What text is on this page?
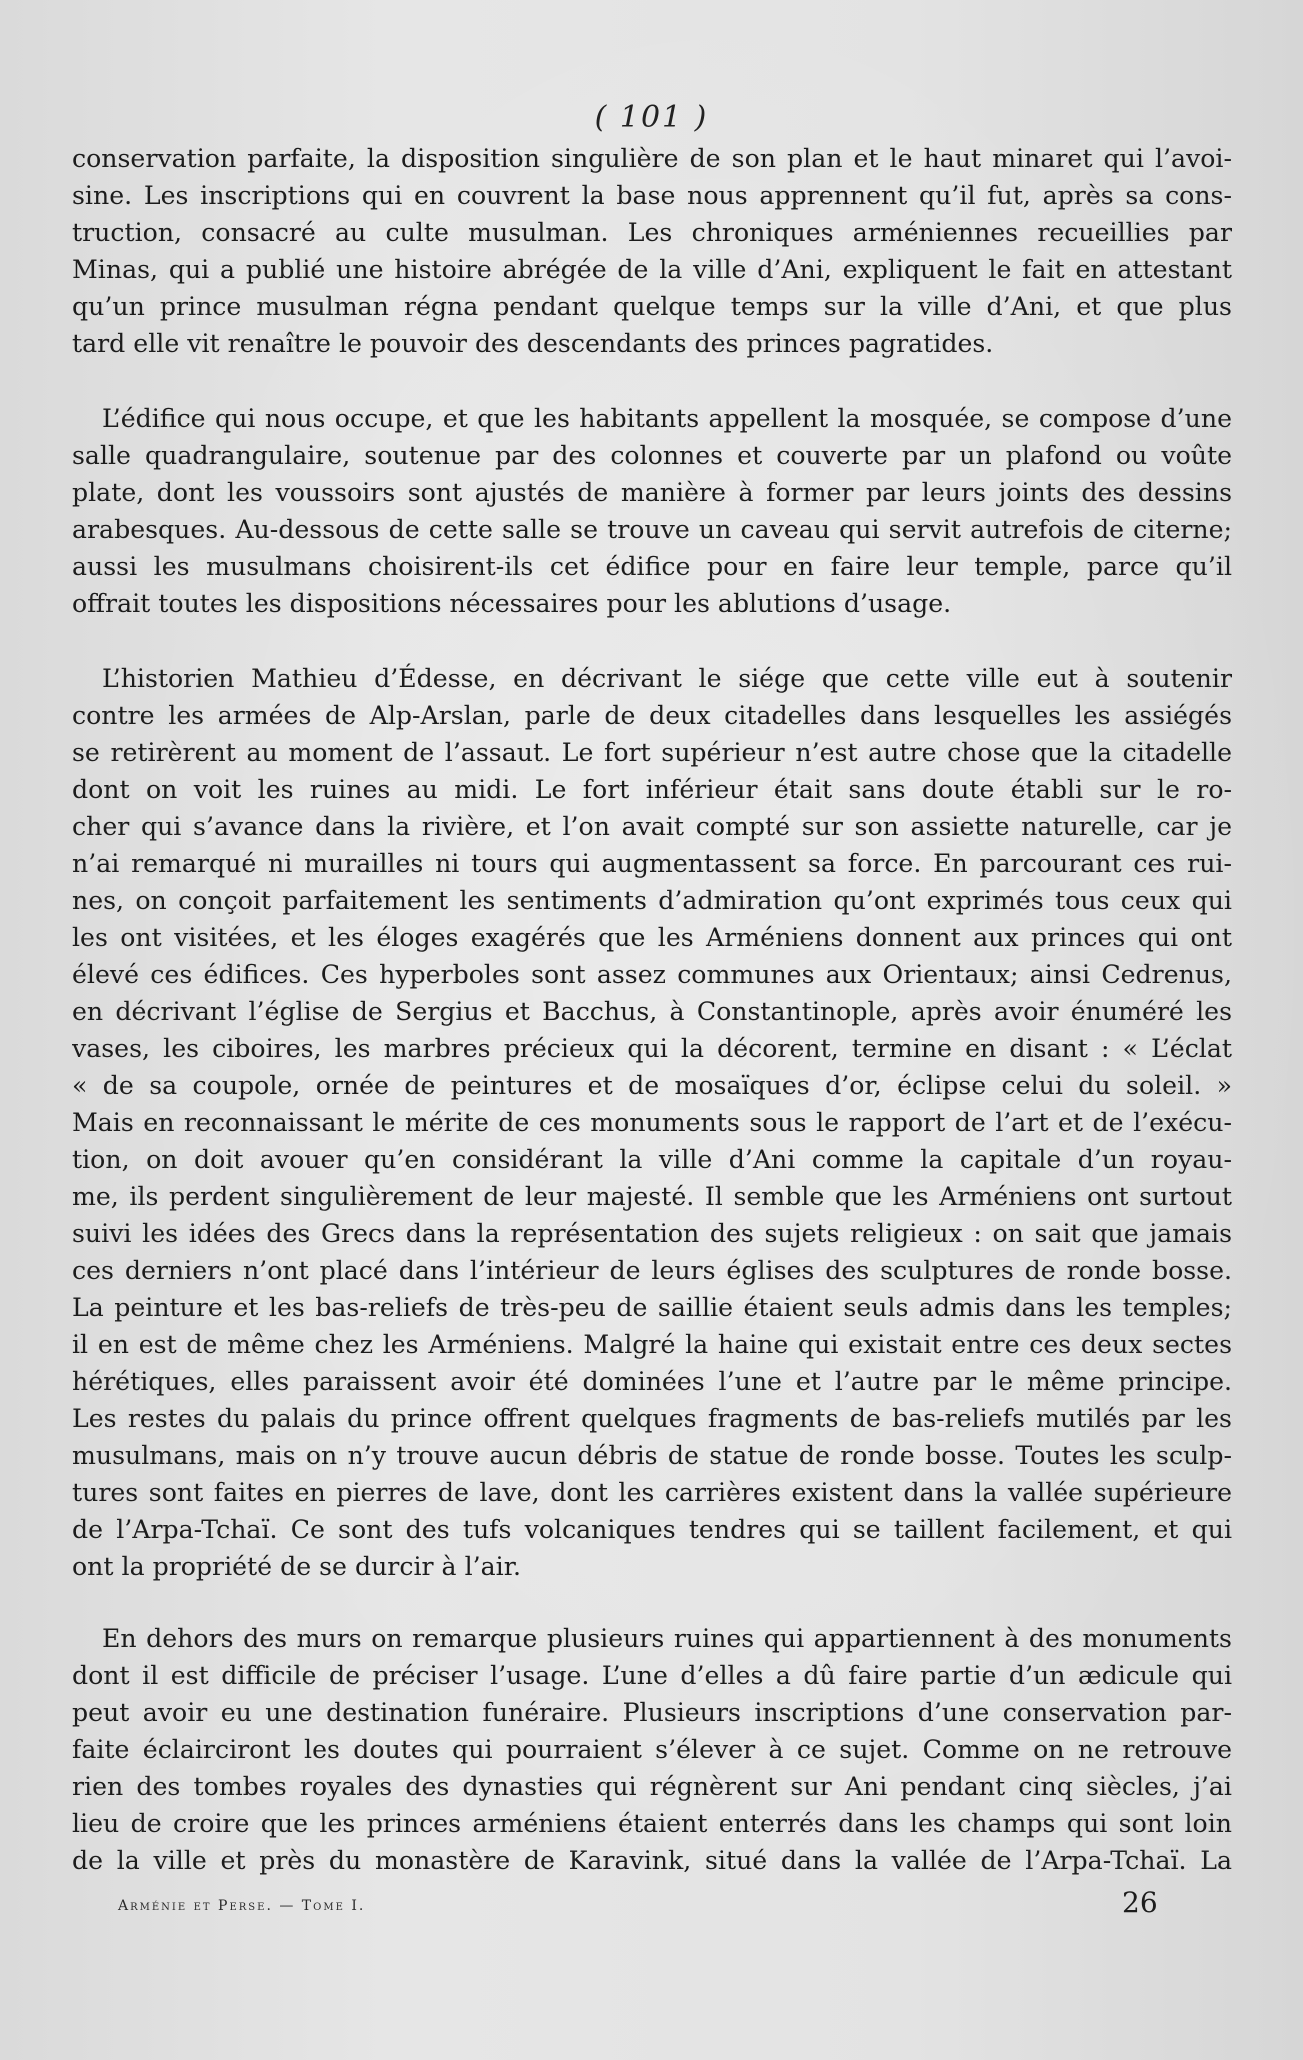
( 101 )
conservation parfaite, la disposition singulière de son plan et le haut minaret qui l’avoi-
sine. Les inscriptions qui en couvrent la base nous apprennent qu’il fut, après sa cons-
truction, consacré au culte musulman. Les chroniques arméniennes recueillies par
Minas, qui a publié une histoire abrégée de la ville d’Ani, expliquent le fait en attestant
qu’un prince musulman régna pendant quelque temps sur la ville d’Ani, et que plus
tard elle vit renaître le pouvoir des descendants des princes pagratides.
L’édifice qui nous occupe, et que les habitants appellent la mosquée, se compose d’une
salle quadrangulaire, soutenue par des colonnes et couverte par un plafond ou voûte
plate, dont les voussoirs sont ajustés de manière à former par leurs joints des dessins
arabesques. Au-dessous de cette salle se trouve un caveau qui servit autrefois de citerne;
aussi les musulmans choisirent-ils cet édifice pour en faire leur temple, parce qu’il
offrait toutes les dispositions nécessaires pour les ablutions d’usage.
L’historien Mathieu d’Édesse, en décrivant le siége que cette ville eut à soutenir
contre les armées de Alp-Arslan, parle de deux citadelles dans lesquelles les assiégés
se retirèrent au moment de l’assaut. Le fort supérieur n’est autre chose que la citadelle
dont on voit les ruines au midi. Le fort inférieur était sans doute établi sur le ro-
cher qui s’avance dans la rivière, et l’on avait compté sur son assiette naturelle, car je
n’ai remarqué ni murailles ni tours qui augmentassent sa force. En parcourant ces rui-
nes, on conçoit parfaitement les sentiments d’admiration qu’ont exprimés tous ceux qui
les ont visitées, et les éloges exagérés que les Arméniens donnent aux princes qui ont
élevé ces édifices. Ces hyperboles sont assez communes aux Orientaux; ainsi Cedrenus,
en décrivant l’église de Sergius et Bacchus, à Constantinople, après avoir énuméré les
vases, les ciboires, les marbres précieux qui la décorent, termine en disant : « L’éclat
« de sa coupole, ornée de peintures et de mosaïques d’or, éclipse celui du soleil. »
Mais en reconnaissant le mérite de ces monuments sous le rapport de l’art et de l’exécu-
tion, on doit avouer qu’en considérant la ville d’Ani comme la capitale d’un royau-
me, ils perdent singulièrement de leur majesté. Il semble que les Arméniens ont surtout
suivi les idées des Grecs dans la représentation des sujets religieux : on sait que jamais
ces derniers n’ont placé dans l’intérieur de leurs églises des sculptures de ronde bosse.
La peinture et les bas-reliefs de très-peu de saillie étaient seuls admis dans les temples;
il en est de même chez les Arméniens. Malgré la haine qui existait entre ces deux sectes
hérétiques, elles paraissent avoir été dominées l’une et l’autre par le même principe.
Les restes du palais du prince offrent quelques fragments de bas-reliefs mutilés par les
musulmans, mais on n’y trouve aucun débris de statue de ronde bosse. Toutes les sculp-
tures sont faites en pierres de lave, dont les carrières existent dans la vallée supérieure
de l’Arpa-Tchaï. Ce sont des tufs volcaniques tendres qui se taillent facilement, et qui
ont la propriété de se durcir à l’air.
En dehors des murs on remarque plusieurs ruines qui appartiennent à des monuments
dont il est difficile de préciser l’usage. L’une d’elles a dû faire partie d’un ædicule qui
peut avoir eu une destination funéraire. Plusieurs inscriptions d’une conservation par-
faite éclairciront les doutes qui pourraient s’élever à ce sujet. Comme on ne retrouve
rien des tombes royales des dynasties qui régnèrent sur Ani pendant cinq siècles, j’ai
lieu de croire que les princes arméniens étaient enterrés dans les champs qui sont loin
de la ville et près du monastère de Karavink, situé dans la vallée de l’Arpa-Tchaï. La
Arménie et Perse. — Tome I.	26
